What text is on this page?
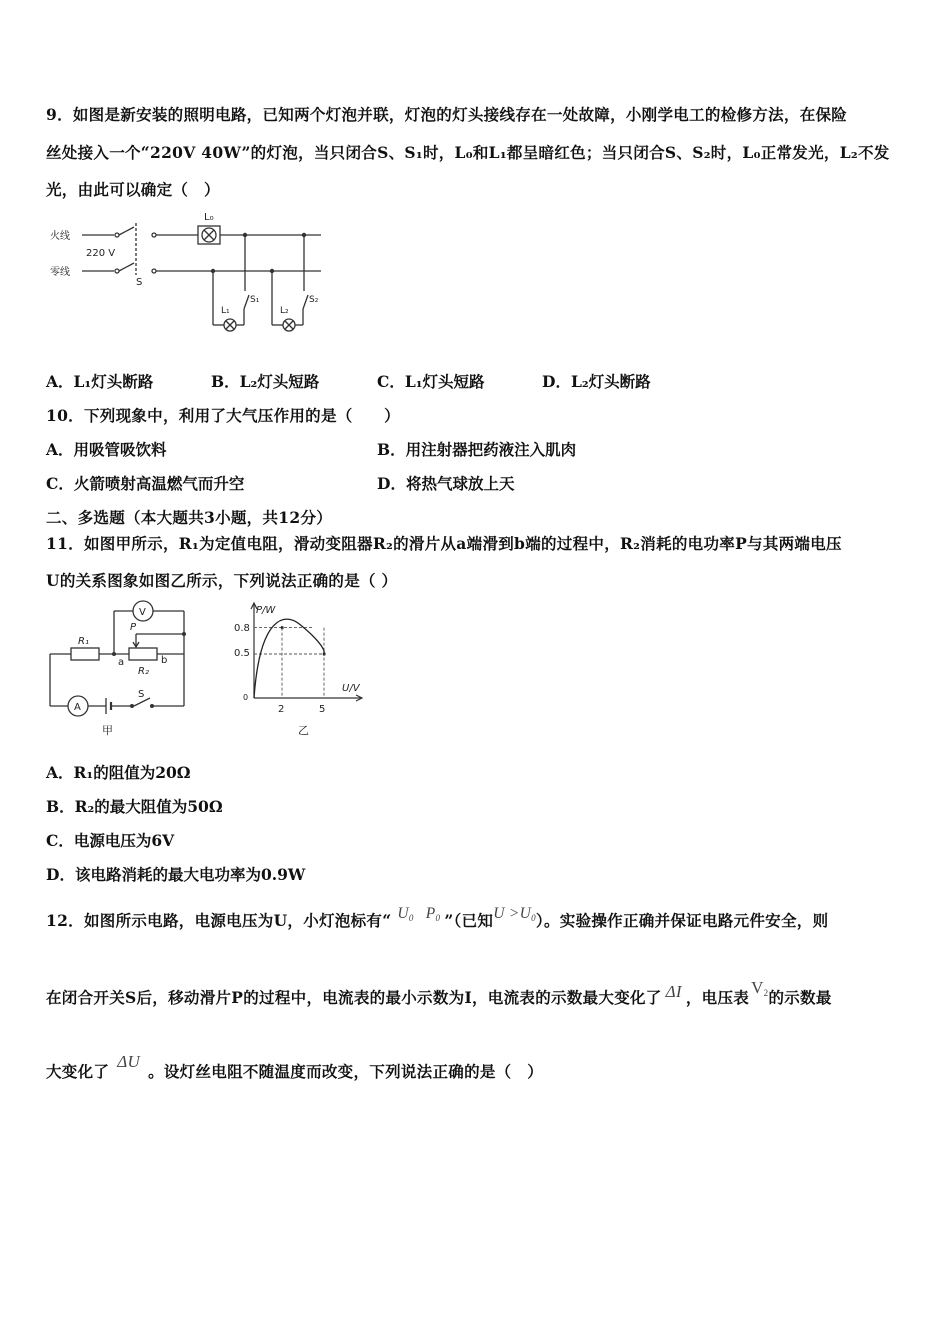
9．如图是新安装的照明电路，已知两个灯泡并联，灯泡的灯头接线存在一处故障，小刚学电工的检修方法，在保险
丝处接入一个“220V 40W”的灯泡，当只闭合S、S₁时，L₀和L₁都呈暗红色；当只闭合S、S₂时，L₀正常发光，L₂不发
光，由此可以确定（　）
火线
零线
220 V
S
L₀
L₁
S₁
L₂
S₂
A．L₁灯头断路	B．L₂灯头短路	C．L₁灯头短路	D．L₂灯头断路
10．下列现象中，利用了大气压作用的是（　　）
A．用吸管吸饮料	B．用注射器把药液注入肌肉
C．火箭喷射高温燃气而升空	D．将热气球放上天
二、多选题（本大题共3小题，共12分）
11．如图甲所示，R₁为定值电阻，滑动变阻器R₂的滑片从a端滑到b端的过程中，R₂消耗的电功率P与其两端电压
U的关系图象如图乙所示，下列说法正确的是（ ）
R₁
R₂
P
a	b
V
A
S
甲
P/W
U/V
0
0.8
0.5
2	5
乙
A．R₁的阻值为20Ω
B．R₂的最大阻值为50Ω
C．电源电压为6V
D．该电路消耗的最大电功率为0.9W
12．如图所示电路，电源电压为U，小灯泡标有“ U0 P0 ”（已知U >U0）。实验操作正确并保证电路元件安全，则
在闭合开关S后，移动滑片P的过程中，电流表的最小示数为I，电流表的示数最大变化了 ΔI ，电压表V2的示数最
大变化了ΔU。设灯丝电阻不随温度而改变，下列说法正确的是（　）
